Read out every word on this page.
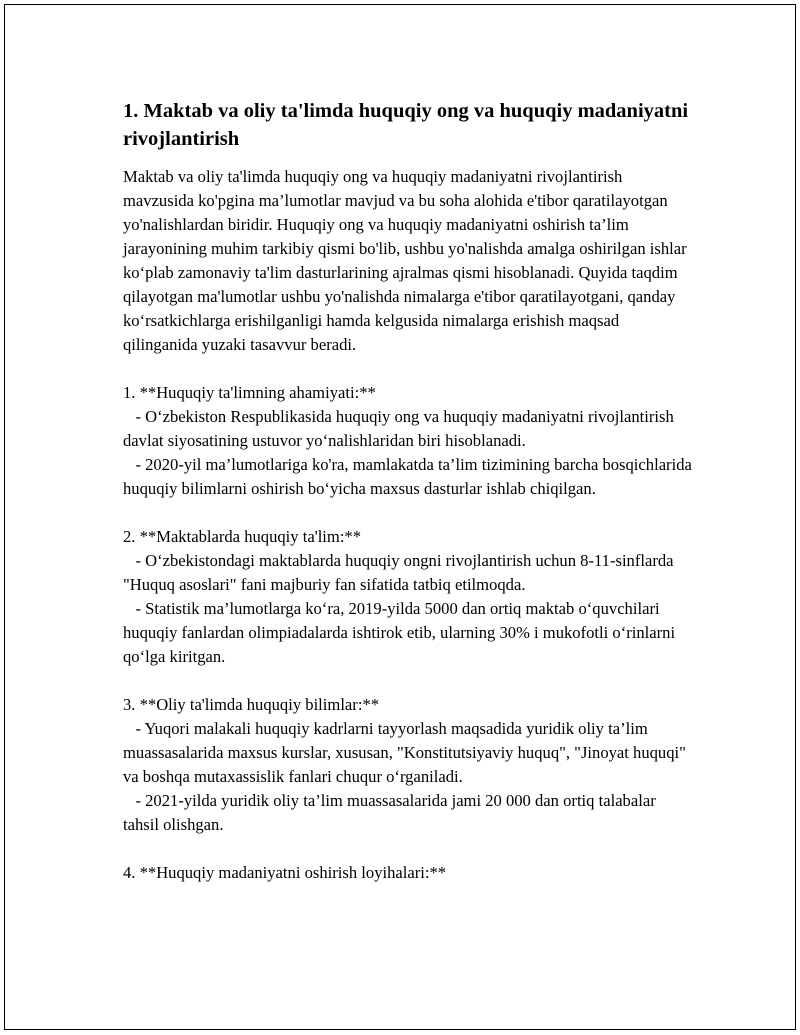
1. Maktab va oliy ta'limda huquqiy ong va huquqiy madaniyatni rivojlantirish

Maktab va oliy ta'limda huquqiy ong va huquqiy madaniyatni rivojlantirish mavzusida ko'pgina ma’lumotlar mavjud va bu soha alohida e'tibor qaratilayotgan yo'nalishlardan biridir. Huquqiy ong va huquqiy madaniyatni oshirish ta’lim jarayonining muhim tarkibiy qismi bo'lib, ushbu yo'nalishda amalga oshirilgan ishlar ko‘plab zamonaviy ta'lim dasturlarining ajralmas qismi hisoblanadi. Quyida taqdim qilayotgan ma'lumotlar ushbu yo'nalishda nimalarga e'tibor qaratilayotgani, qanday ko‘rsatkichlarga erishilganligi hamda kelgusida nimalarga erishish maqsad qilinganida yuzaki tasavvur beradi.

1. **Huquqiy ta'limning ahamiyati:**

- O‘zbekiston Respublikasida huquqiy ong va huquqiy madaniyatni rivojlantirish davlat siyosatining ustuvor yo‘nalishlaridan biri hisoblanadi.

- 2020-yil ma’lumotlariga ko'ra, mamlakatda ta’lim tizimining barcha bosqichlarida huquqiy bilimlarni oshirish bo‘yicha maxsus dasturlar ishlab chiqilgan.

2. **Maktablarda huquqiy ta'lim:**

- O‘zbekistondagi maktablarda huquqiy ongni rivojlantirish uchun 8-11-sinflarda "Huquq asoslari" fani majburiy fan sifatida tatbiq etilmoqda.

- Statistik ma’lumotlarga ko‘ra, 2019-yilda 5000 dan ortiq maktab o‘quvchilari huquqiy fanlardan olimpiadalarda ishtirok etib, ularning 30% i mukofotli o‘rinlarni qo‘lga kiritgan.

3. **Oliy ta'limda huquqiy bilimlar:**

- Yuqori malakali huquqiy kadrlarni tayyorlash maqsadida yuridik oliy ta’lim muassasalarida maxsus kurslar, xususan, "Konstitutsiyaviy huquq", "Jinoyat huquqi" va boshqa mutaxassislik fanlari chuqur o‘rganiladi.

- 2021-yilda yuridik oliy ta’lim muassasalarida jami 20 000 dan ortiq talabalar tahsil olishgan.

4. **Huquqiy madaniyatni oshirish loyihalari:**
